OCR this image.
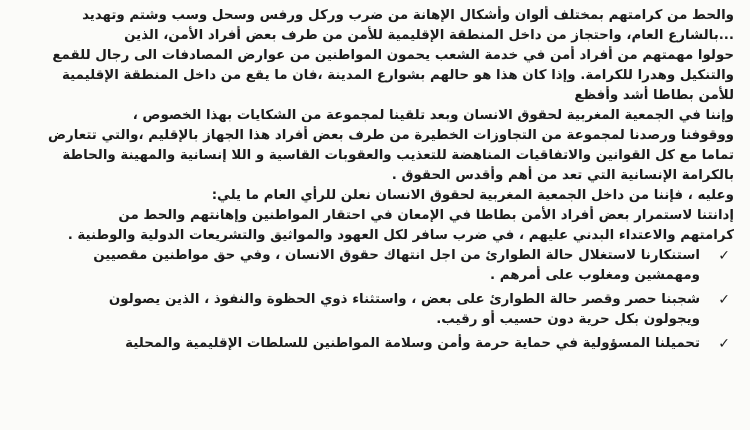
والحط من كرامتهم بمختلف ألوان وأشكال الإهانة من ضرب وركل ورفس وسحل وسب وشتم وتهديد
...بالشارع العام، واحتجاز من داخل المنطقة الإقليمية للأمن من طرف بعض أفراد الأمن، الذين
حولوا مهمتهم من أفراد أمن في خدمة الشعب يحمون المواطنين من عوارض المصادفات الى رجال للقمع
والتنكيل وهدرا للكرامة. وإذا كان هذا هو حالهم بشوارع المدينة ،فان ما يقع من داخل المنطقة الإقليمية
للأمن بطاطا أشد وأفظع
وإننا في الجمعية المغربية لحقوق الانسان وبعد تلقينا لمجموعة من الشكايات بهذا الخصوص ،
ووقوفنا ورصدنا لمجموعة من التجاوزات الخطيرة من طرف بعض أفراد هذا الجهاز بالإقليم ،والتي تتعارض
تماما مع كل القوانين والاتفاقيات المناهضة للتعذيب والعقوبات القاسية و اللا إنسانية والمهينة والحاطة
بالكرامة الإنسانية التي تعد من أهم وأقدس الحقوق .
وعليه ، فإننا من داخل الجمعية المغربية لحقوق الانسان نعلن للرأي العام ما يلي:
إدانتنا لاستمرار بعض أفراد الأمن بطاطا في الإمعان في احتقار المواطنين وإهانتهم والحط من
كرامتهم والاعتداء البدني عليهم ، في ضرب سافر لكل العهود والمواثيق والتشريعات الدولية والوطنية .
✓
استنكارنا لاستغلال حالة الطوارئ من اجل انتهاك حقوق الانسان ، وفي حق مواطنين مقصيين
ومهمشين ومغلوب على أمرهم .
✓
شجبنا حصر وقصر حالة الطوارئ على بعض ، واستثناء ذوي الحظوة والنفوذ ، الذين يصولون
ويجولون بكل حرية دون حسيب أو رقيب.
✓
تحميلنا المسؤولية في حماية حرمة وأمن وسلامة المواطنين للسلطات الإقليمية والمحلية
